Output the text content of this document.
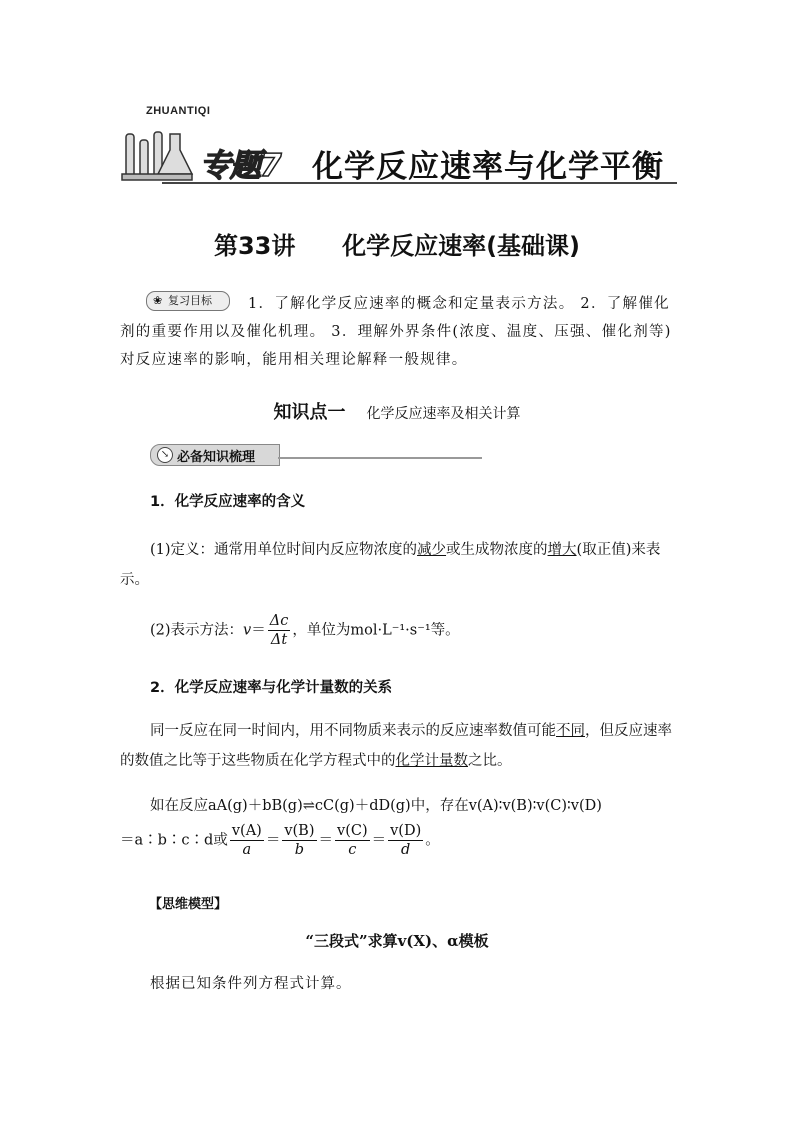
ZHUANTIQI
专题7 化学反应速率与化学平衡
第33讲 化学反应速率(基础课)
❀ 复习目标	1．了解化学反应速率的概念和定量表示方法。 2．了解催化剂的重要作用以及催化机理。 3．理解外界条件(浓度、温度、压强、催化剂等)对反应速率的影响，能用相关理论解释一般规律。
知识点一 化学反应速率及相关计算
↘ 必备知识梳理
1．化学反应速率的含义
(1)定义：通常用单位时间内反应物浓度的减少或生成物浓度的增大(取正值)来表示。
(2)表示方法：$v= \frac{\Delta c}{\Delta t}$ ，单位为mol·L⁻¹·s⁻¹等。
2．化学反应速率与化学计量数的关系
同一反应在同一时间内，用不同物质来表示的反应速率数值可能不同，但反应速率的数值之比等于这些物质在化学方程式中的化学计量数之比。
如在反应aA(g)＋bB(g)⇌cC(g)＋dD(g)中，存在v(A)∶v(B)∶v(C)∶v(D)
＝a∶b∶c∶d或 $\frac{v(A)}{a} = \frac{v(B)}{b} = \frac{v(C)}{c} = \frac{v(D)}{d}$ 。
【思维模型】
“三段式”求算v(X)、α模板
根据已知条件列方程式计算。
